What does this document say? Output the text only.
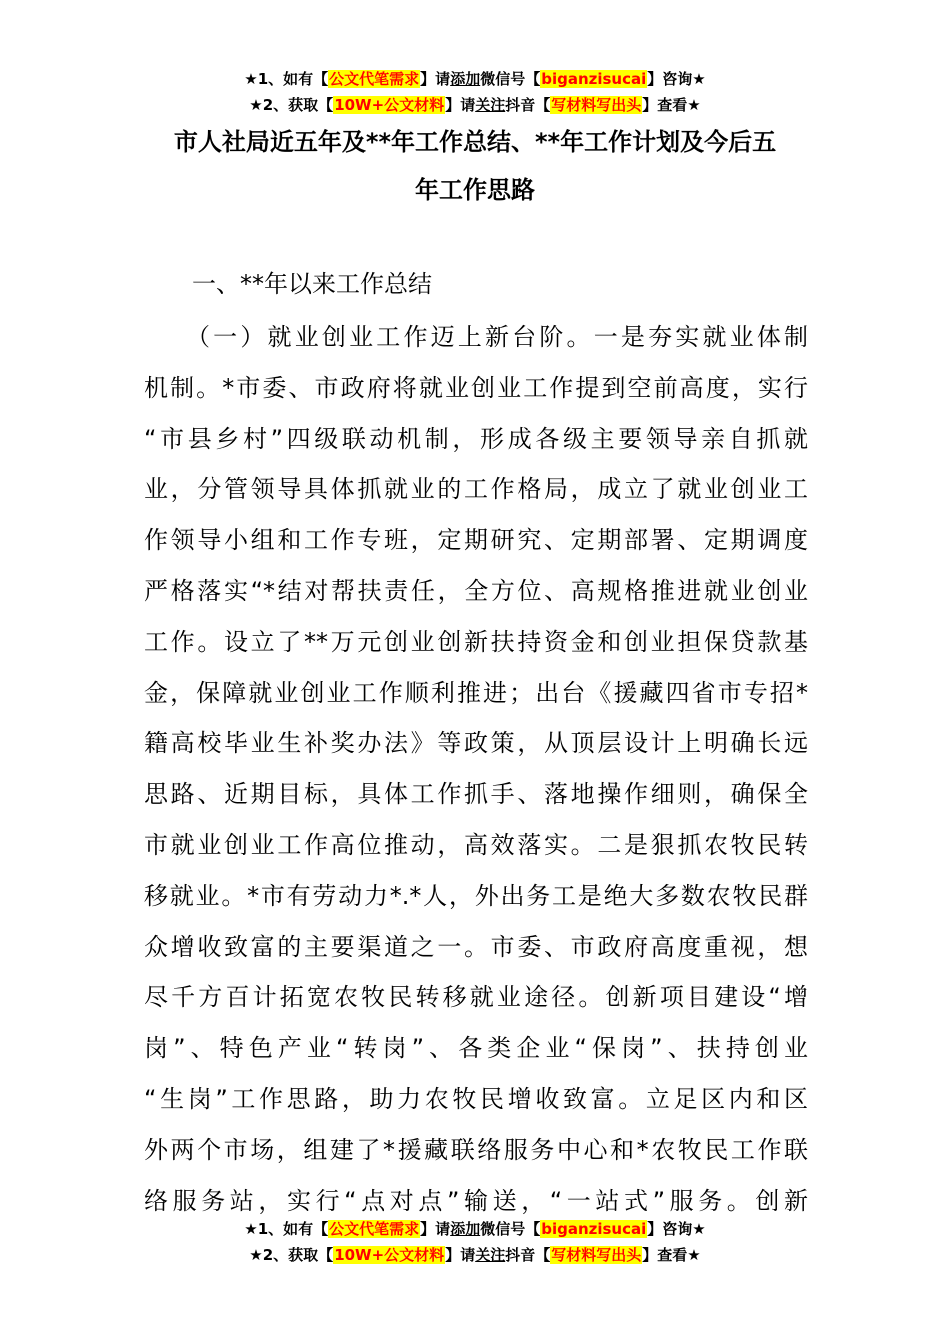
★1、如有【公文代笔需求】请添加微信号【biganzisucai】咨询★
★2、获取【10W+公文材料】请关注抖音【写材料写出头】查看★
市人社局近五年及**年工作总结、**年工作计划及今后五
年工作思路
一、**年以来工作总结
（一）就业创业工作迈上新台阶。一是夯实就业体制
机制。*市委、市政府将就业创业工作提到空前高度，实行
“市县乡村”四级联动机制，形成各级主要领导亲自抓就
业，分管领导具体抓就业的工作格局，成立了就业创业工
作领导小组和工作专班，定期研究、定期部署、定期调度
严格落实“*结对帮扶责任，全方位、高规格推进就业创业
工作。设立了**万元创业创新扶持资金和创业担保贷款基
金，保障就业创业工作顺利推进；出台《援藏四省市专招*
籍高校毕业生补奖办法》等政策，从顶层设计上明确长远
思路、近期目标，具体工作抓手、落地操作细则，确保全
市就业创业工作高位推动，高效落实。二是狠抓农牧民转
移就业。*市有劳动力*.*人，外出务工是绝大多数农牧民群
众增收致富的主要渠道之一。市委、市政府高度重视，想
尽千方百计拓宽农牧民转移就业途径。创新项目建设“增
岗”、特色产业“转岗”、各类企业“保岗”、扶持创业
“生岗”工作思路，助力农牧民增收致富。立足区内和区
外两个市场，组建了*援藏联络服务中心和*农牧民工作联
络服务站，实行“点对点”输送，“一站式”服务。创新
★1、如有【公文代笔需求】请添加微信号【biganzisucai】咨询★
★2、获取【10W+公文材料】请关注抖音【写材料写出头】查看★
